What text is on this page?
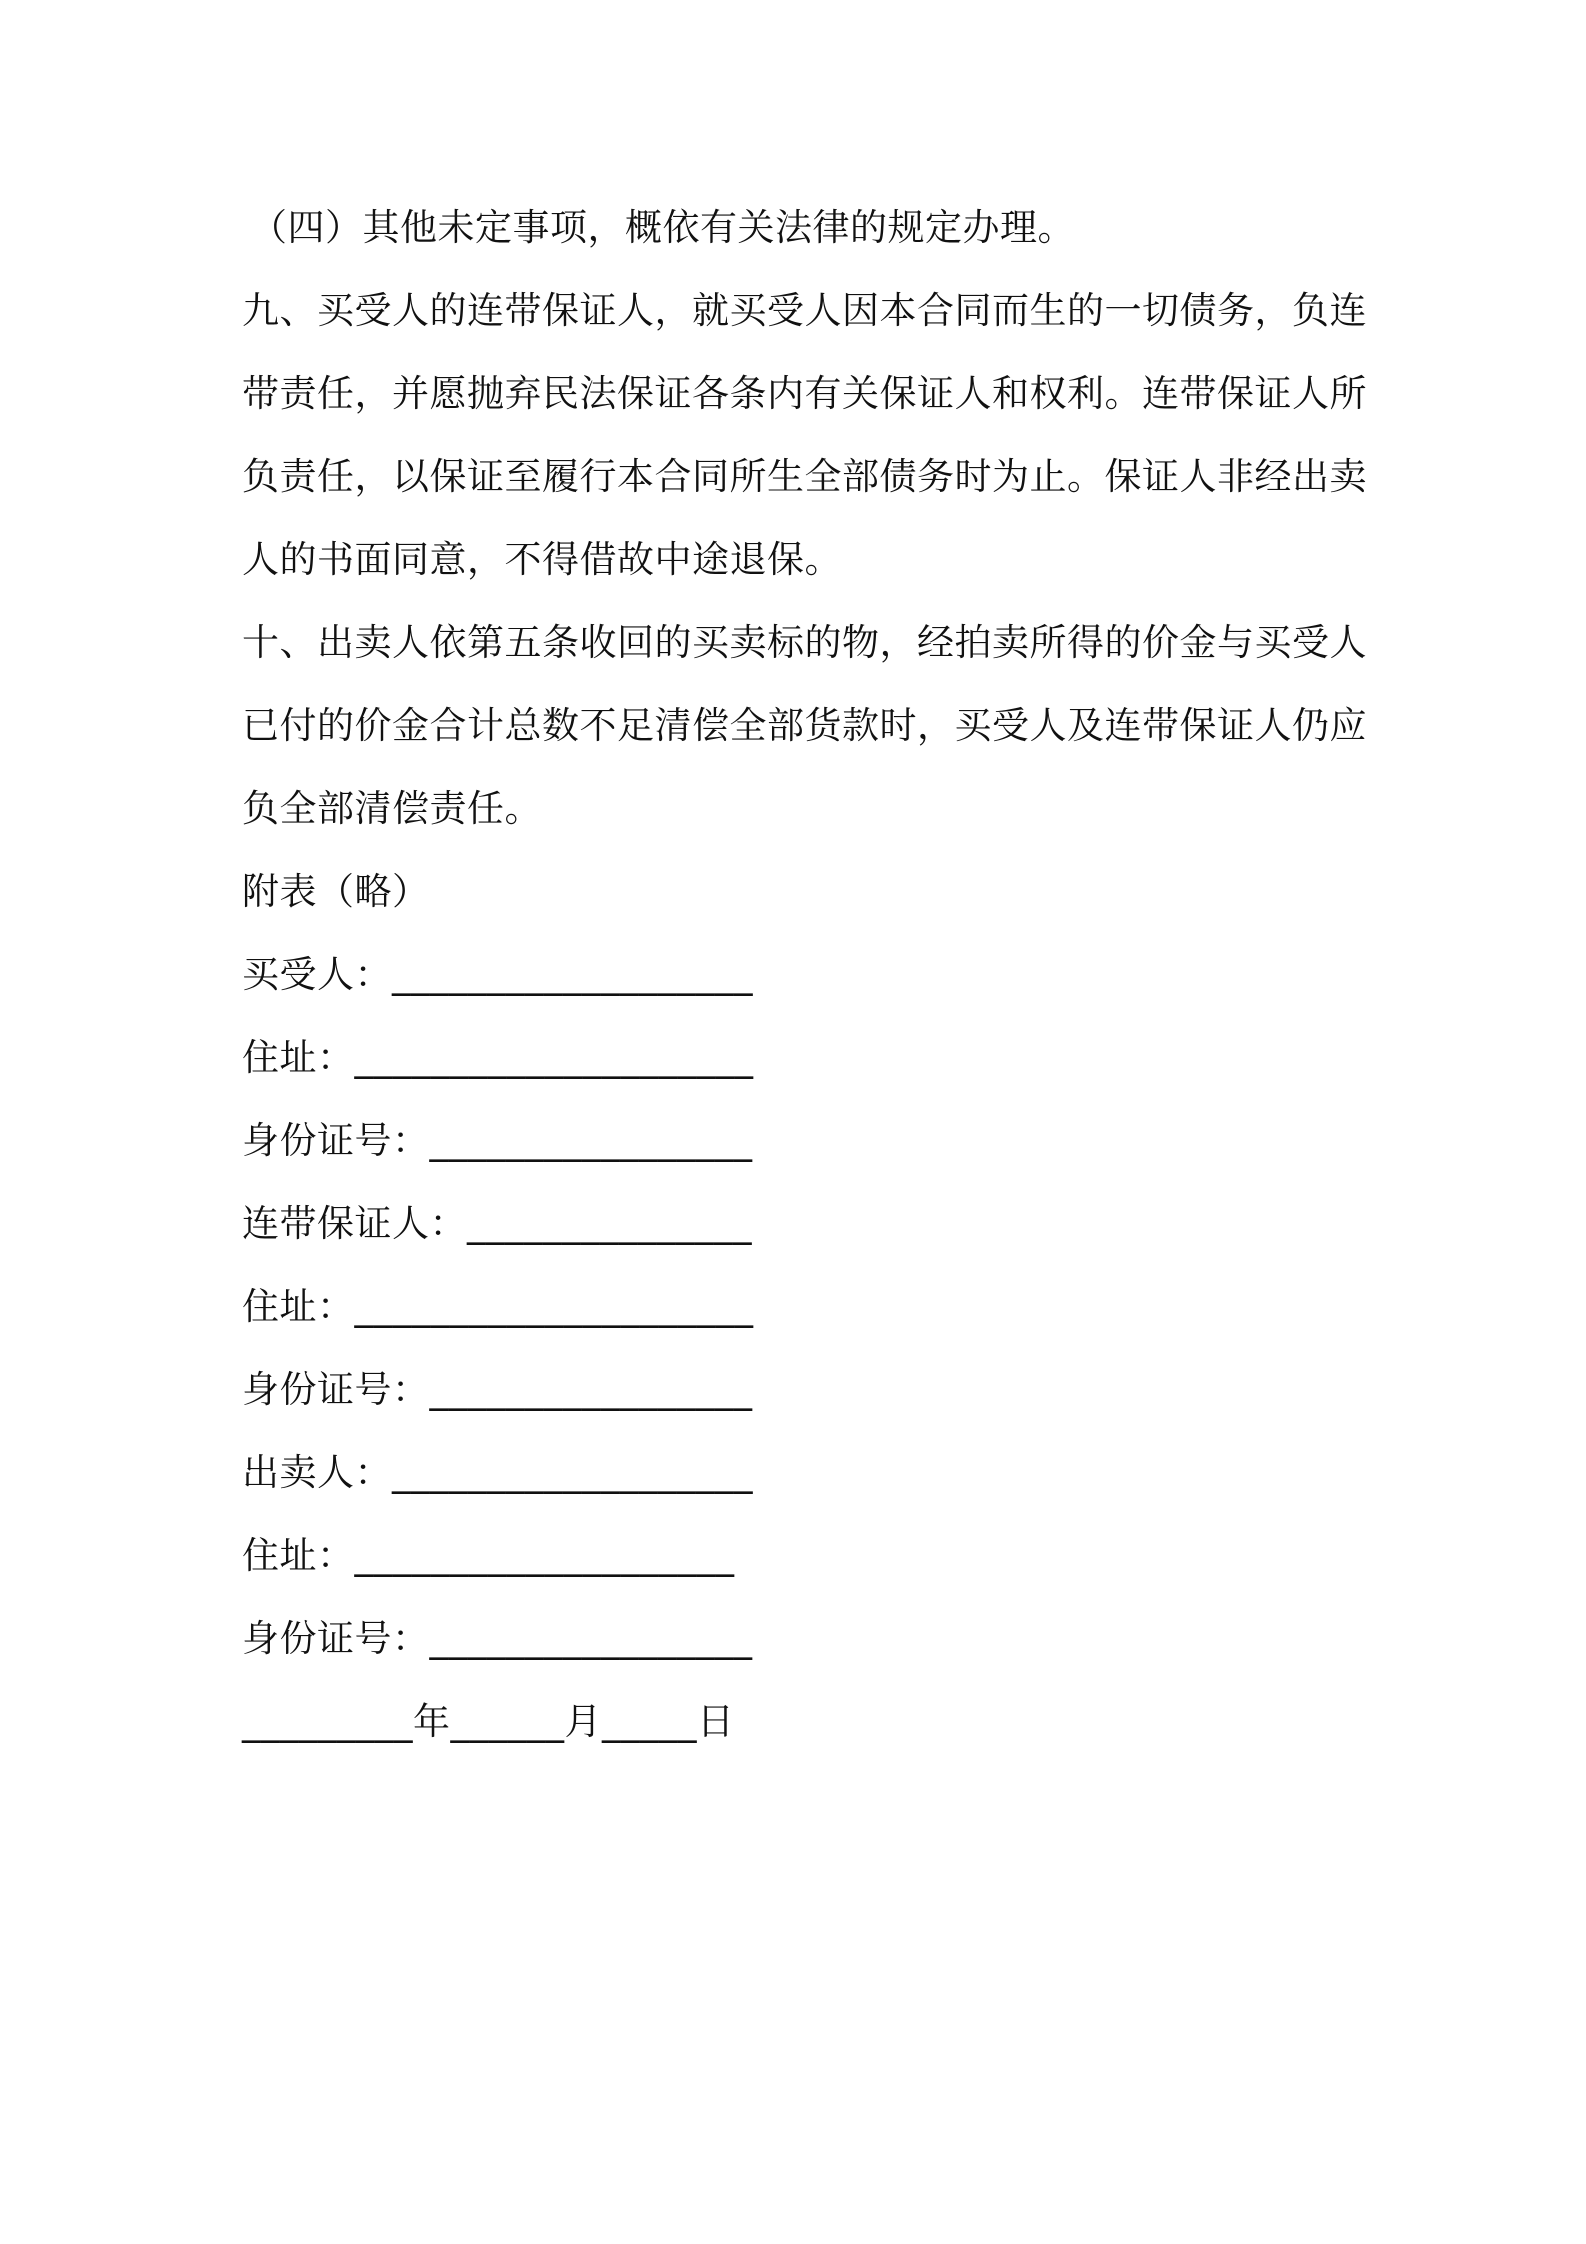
（四）其他未定事项，概依有关法律的规定办理。
九、买受人的连带保证人，就买受人因本合同而生的一切债务，负连
带责任，并愿抛弃民法保证各条内有关保证人和权利。连带保证人所
负责任，以保证至履行本合同所生全部债务时为止。保证人非经出卖
人的书面同意，不得借故中途退保。
十、出卖人依第五条收回的买卖标的物，经拍卖所得的价金与买受人
已付的价金合计总数不足清偿全部货款时，买受人及连带保证人仍应
负全部清偿责任。
附表（略）
买受人：___________________
住址：_____________________
身份证号：_________________
连带保证人：_______________
住址：_____________________
身份证号：_________________
出卖人：___________________
住址：____________________
身份证号：_________________
_________年______月_____日
